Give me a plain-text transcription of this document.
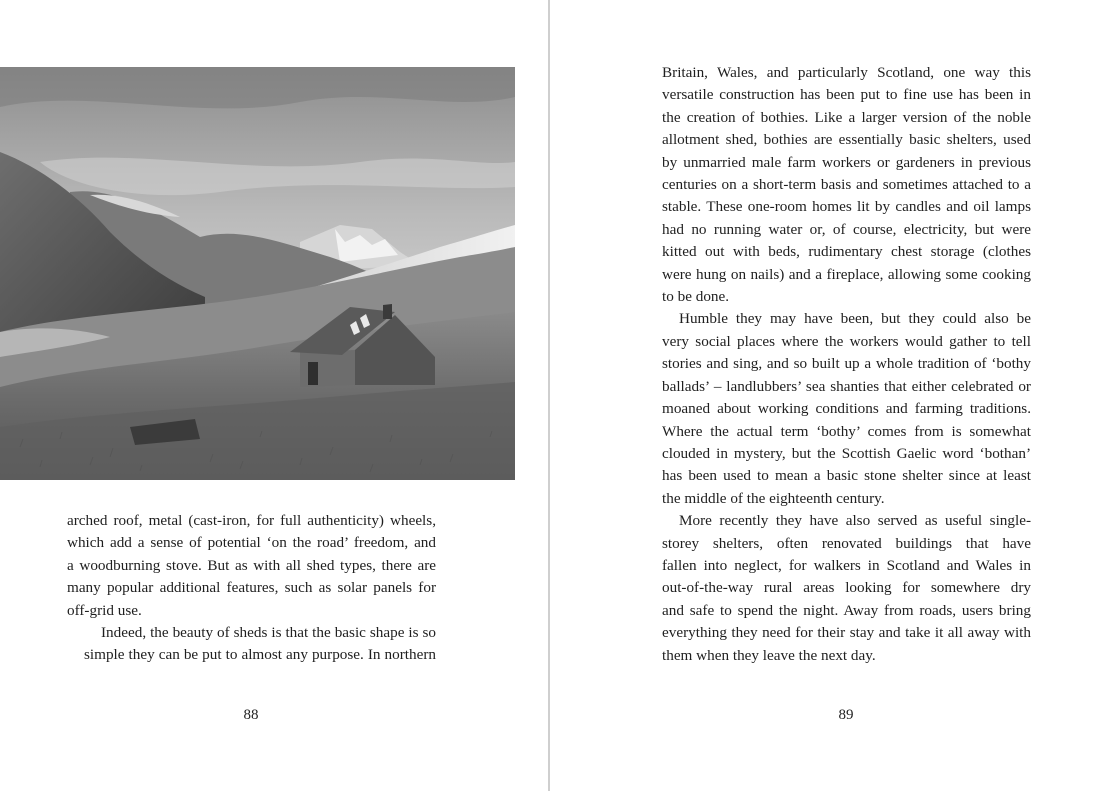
arched roof, metal (cast-iron, for full authenticity) wheels,
which add a sense of potential ‘on the road’ freedom, and
a woodburning stove. But as with all shed types, there are
many popular additional features, such as solar panels for
off-grid use.

Indeed, the beauty of sheds is that the basic shape is so
simple they can be put to almost any purpose. In northern

88

Britain, Wales, and particularly Scotland, one way this
versatile construction has been put to fine use has been in
the creation of bothies. Like a larger version of the noble
allotment shed, bothies are essentially basic shelters, used
by unmarried male farm workers or gardeners in previous
centuries on a short-term basis and sometimes attached to a
stable. These one-room homes lit by candles and oil lamps
had no running water or, of course, electricity, but were
kitted out with beds, rudimentary chest storage (clothes
were hung on nails) and a fireplace, allowing some cooking
to be done.

Humble they may have been, but they could also be
very social places where the workers would gather to tell
stories and sing, and so built up a whole tradition of ‘bothy
ballads’ – landlubbers’ sea shanties that either celebrated or
moaned about working conditions and farming traditions.
Where the actual term ‘bothy’ comes from is somewhat
clouded in mystery, but the Scottish Gaelic word ‘bothan’
has been used to mean a basic stone shelter since at least
the middle of the eighteenth century.

More recently they have also served as useful single-
storey shelters, often renovated buildings that have
fallen into neglect, for walkers in Scotland and Wales in
out-of-the-way rural areas looking for somewhere dry
and safe to spend the night. Away from roads, users bring
everything they need for their stay and take it all away with
them when they leave the next day.

89
